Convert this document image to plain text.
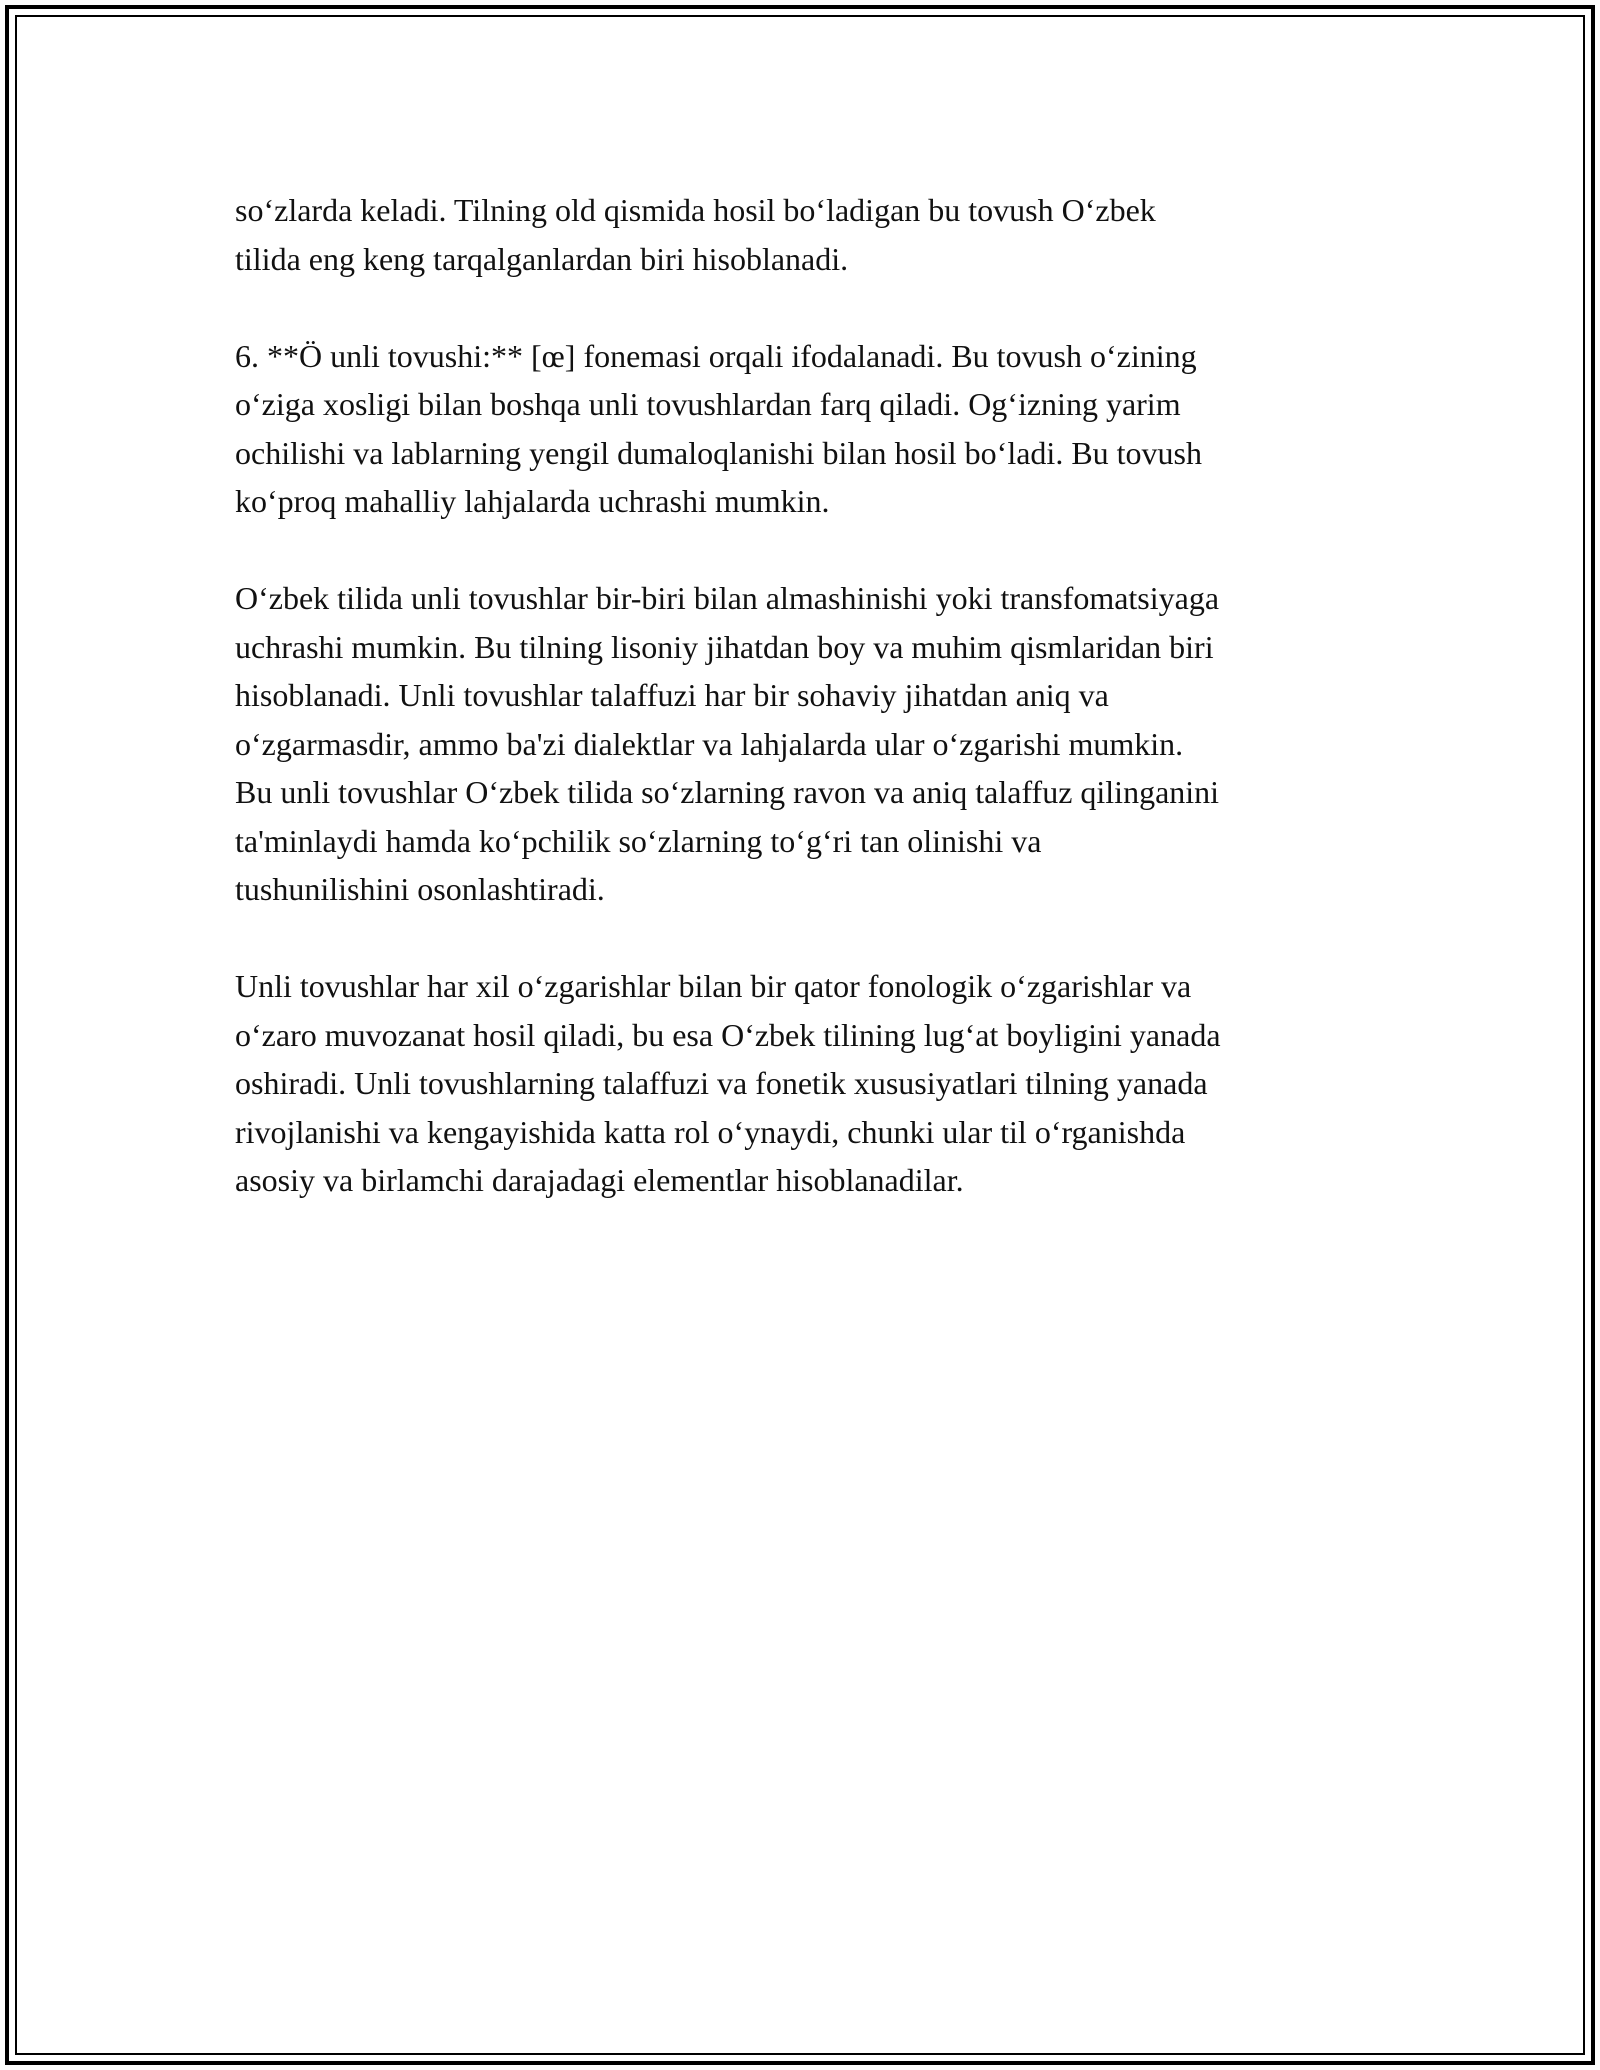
so‘zlarda keladi. Tilning old qismida hosil bo‘ladigan bu tovush O‘zbek
tilida eng keng tarqalganlardan biri hisoblanadi.

6. **Ö unli tovushi:** [œ] fonemasi orqali ifodalanadi. Bu tovush o‘zining
o‘ziga xosligi bilan boshqa unli tovushlardan farq qiladi. Og‘izning yarim
ochilishi va lablarning yengil dumaloqlanishi bilan hosil bo‘ladi. Bu tovush
ko‘proq mahalliy lahjalarda uchrashi mumkin.

O‘zbek tilida unli tovushlar bir-biri bilan almashinishi yoki transfomatsiyaga
uchrashi mumkin. Bu tilning lisoniy jihatdan boy va muhim qismlaridan biri
hisoblanadi. Unli tovushlar talaffuzi har bir sohaviy jihatdan aniq va
o‘zgarmasdir, ammo ba'zi dialektlar va lahjalarda ular o‘zgarishi mumkin.
Bu unli tovushlar O‘zbek tilida so‘zlarning ravon va aniq talaffuz qilinganini
ta'minlaydi hamda ko‘pchilik so‘zlarning to‘g‘ri tan olinishi va
tushunilishini osonlashtiradi.

Unli tovushlar har xil o‘zgarishlar bilan bir qator fonologik o‘zgarishlar va
o‘zaro muvozanat hosil qiladi, bu esa O‘zbek tilining lug‘at boyligini yanada
oshiradi. Unli tovushlarning talaffuzi va fonetik xususiyatlari tilning yanada
rivojlanishi va kengayishida katta rol o‘ynaydi, chunki ular til o‘rganishda
asosiy va birlamchi darajadagi elementlar hisoblanadilar.
